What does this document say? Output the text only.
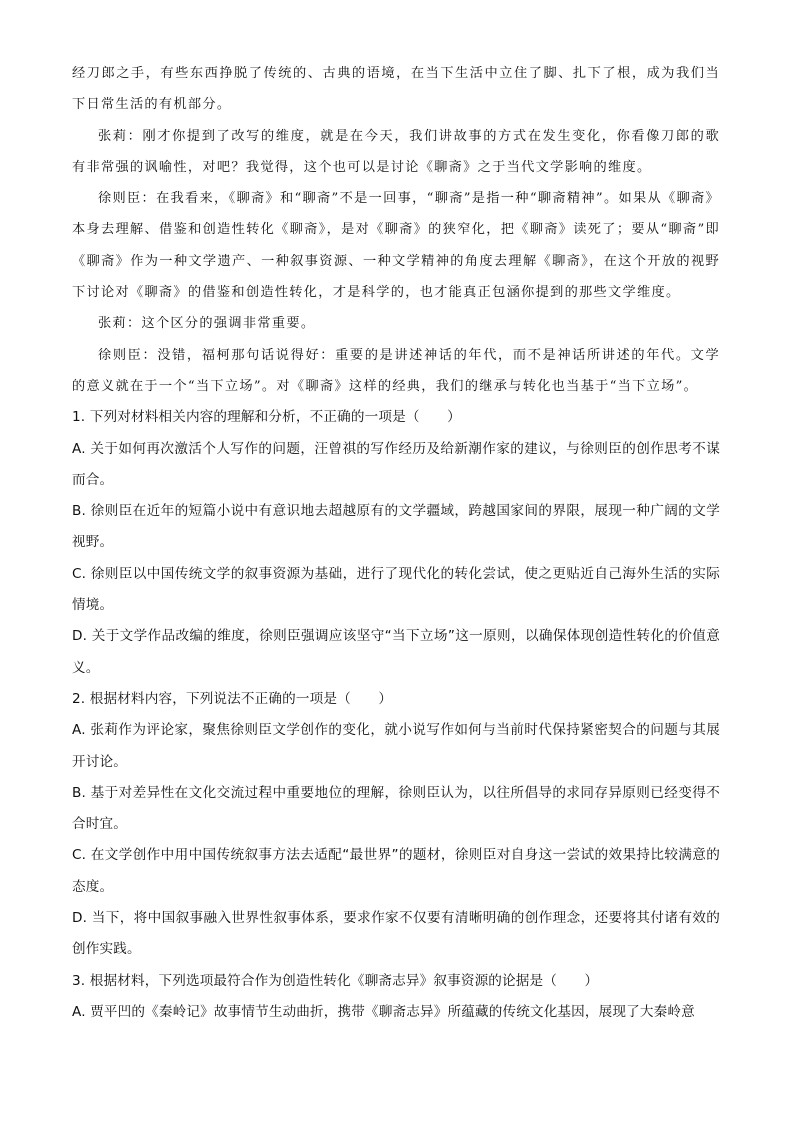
经刀郎之手，有些东西挣脱了传统的、古典的语境，在当下生活中立住了脚、扎下了根，成为我们当下日常生活的有机部分。

张莉：刚才你提到了改写的维度，就是在今天，我们讲故事的方式在发生变化，你看像刀郎的歌有非常强的讽喻性，对吧？我觉得，这个也可以是讨论《聊斋》之于当代文学影响的维度。

徐则臣：在我看来，《聊斋》和“聊斋”不是一回事，“聊斋”是指一种“聊斋精神”。如果从《聊斋》本身去理解、借鉴和创造性转化《聊斋》，是对《聊斋》的狭窄化，把《聊斋》读死了；要从“聊斋”即《聊斋》作为一种文学遗产、一种叙事资源、一种文学精神的角度去理解《聊斋》，在这个开放的视野下讨论对《聊斋》的借鉴和创造性转化，才是科学的，也才能真正包涵你提到的那些文学维度。

张莉：这个区分的强调非常重要。

徐则臣：没错，福柯那句话说得好：重要的是讲述神话的年代，而不是神话所讲述的年代。文学的意义就在于一个“当下立场”。对《聊斋》这样的经典，我们的继承与转化也当基于“当下立场”。

1. 下列对材料相关内容的理解和分析，不正确的一项是（　　）

A. 关于如何再次激活个人写作的问题，汪曾祺的写作经历及给新潮作家的建议，与徐则臣的创作思考不谋而合。

B. 徐则臣在近年的短篇小说中有意识地去超越原有的文学疆域，跨越国家间的界限，展现一种广阔的文学视野。

C. 徐则臣以中国传统文学的叙事资源为基础，进行了现代化的转化尝试，使之更贴近自己海外生活的实际情境。

D. 关于文学作品改编的维度，徐则臣强调应该坚守“当下立场”这一原则，以确保体现创造性转化的价值意义。

2. 根据材料内容，下列说法不正确的一项是（　　）

A. 张莉作为评论家，聚焦徐则臣文学创作的变化，就小说写作如何与当前时代保持紧密契合的问题与其展开讨论。

B. 基于对差异性在文化交流过程中重要地位的理解，徐则臣认为，以往所倡导的求同存异原则已经变得不合时宜。

C. 在文学创作中用中国传统叙事方法去适配“最世界”的题材，徐则臣对自身这一尝试的效果持比较满意的态度。

D. 当下，将中国叙事融入世界性叙事体系，要求作家不仅要有清晰明确的创作理念，还要将其付诸有效的创作实践。

3. 根据材料，下列选项最符合作为创造性转化《聊斋志异》叙事资源的论据是（　　）

A. 贾平凹的《秦岭记》故事情节生动曲折，携带《聊斋志异》所蕴藏的传统文化基因，展现了大秦岭意
